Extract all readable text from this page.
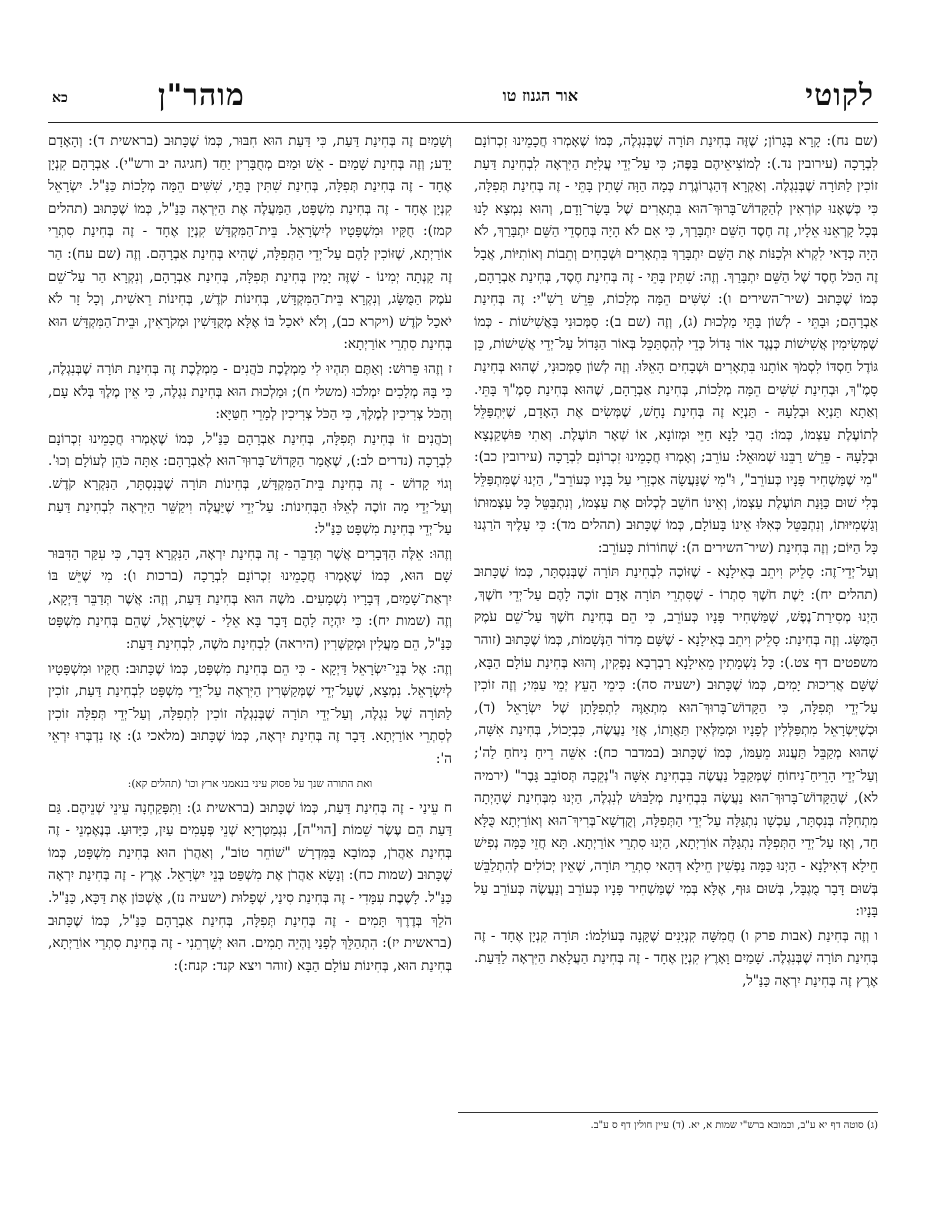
לקוטי
אור הגנוז טו
מוהר"ן
כא

(שם נח): קָרָא בְּגָרוֹן; שֶׁזֶּה בְּחִינַת תּוֹרָה שֶׁבְּנִגְלֶה, כְּמוֹ שֶׁאָמְרוּ חֲכָמֵינוּ זִכְרוֹנָם לִבְרָכָה (עירובין נד.): לְמוֹצִיאֵיהֶם בַּפֶּה; כִּי עַל־יְדֵי עֲלִיַּת הַיִּרְאָה לִבְחִינַת דַּעַת זוֹכִין לַתּוֹרָה שֶׁבְּנִגְלֶה. וְאַקְרָא דְּהַגְרוֹגֶרֶת כְּמָה הַוָּה שָׁתִין בָּתֵּי - זֶה בְּחִינַת תְּפִלָּה, כִּי כְּשֶׁאָנוּ קוֹרְאִין לְהַקָּדוֹשׁ־בָּרוּךְ־הוּא בִּתְאָרִים שֶׁל בָּשָׂר־וָדָם, וְהוּא נִמְצָא לָנוּ בְּכָל קָרְאֵנוּ אֵלָיו, זֶה חֶסֶד הַשֵּׁם יִתְבָּרַךְ, כִּי אִם לֹא הָיָה בְּחַסְדֵי הַשֵּׁם יִתְבָּרַךְ, לֹא הָיָה כְּדַאי לִקְרֹא וּלְכַנּוֹת אֶת הַשֵּׁם יִתְבָּרַךְ בִּתְאָרִים וּשְׁבָחִים וְתֵבוֹת וְאוֹתִיּוֹת, אֲבָל זֶה הַכֹּל חֶסֶד שֶׁל הַשֵּׁם יִתְבָּרַךְ. וְזֶה: שִׁתִּין בָּתֵּי - זֶה בְּחִינַת חֶסֶד, בְּחִינַת אַבְרָהָם, כְּמוֹ שֶׁכָּתוּב (שיר־השירים ו): שִׁשִּׁים הֵמָּה מְלָכוֹת, פֵּרֵשׁ רַשִׁ"י: זֶה בְּחִינַת אַבְרָהָם; וּבָתֵּי - לְשׁוֹן בָּתֵּי מַלְכוּת (ג), וְזֶה (שם ב): סַמְּכוּנִי בָּאֲשִׁישׁוֹת - כְּמוֹ שֶׁמְּשִׂימִין אֲשִׁישׁוֹת כְּנֶגֶד אוֹר גָּדוֹל כְּדֵי לְהִסְתַּכֵּל בְּאוֹר הַגָּדוֹל עַל־יְדֵי אֲשִׁישׁוֹת, כֵּן גּוֹדֶל חַסְדּוֹ לִסְמֹךְ אוֹתָנוּ בִּתְאָרִים וּשְׁבָחִים הָאֵלּוּ. וְזֶה לְשׁוֹן סַמְּכוּנִי, שֶׁהוּא בְּחִינַת סָמֶ"ךְ, וּבְחִינַת שִׁשִּׁים הֵמָּה מְלָכוֹת, בְּחִינַת אַבְרָהָם, שֶׁהוּא בְּחִינַת סָמֶ"ךְ בָּתֵּי. וְאַתָא תַּנְיָא וּבְלָעָהּ - תַּנְיָא זֶה בְּחִינַת נָחָשׁ, שֶׁמְּשִׂים אֶת הָאָדָם, שֶׁיִּתְפַּלֵּל לְתוֹעֶלֶת עַצְמוֹ, כְּמוֹ: הֲבִי לָנָא חַיֵּי וּמְזוֹנָא, אוֹ שְׁאָר תּוֹעֶלֶת. וְאַתִי פּוּשְׁקַנְצָא וּבְלָעָהּ - פֵּרֵשׁ רַבֵּנוּ שְׁמוּאֵל: עוֹרֵב; וְאָמְרוּ חֲכָמֵינוּ זִכְרוֹנָם לִבְרָכָה (עירובין כב): "מִי שֶׁמַּשְׁחִיר פָּנָיו כְּעוֹרֵב", וּ"מִי שֶׁנַּעֲשָׂה אַכְזָרִי עַל בָּנָיו כְּעוֹרֵב", הַיְנוּ שֶׁמִּתְפַּלֵּל בְּלִי שׁוּם כַּוָּנַת תּוֹעֶלֶת עַצְמוֹ, וְאֵינוֹ חוֹשֵׁב לְכְלוּם אֶת עַצְמוֹ, וְנִתְבַּטֵּל כָּל עַצְמוּתוֹ וְגַשְׁמִיּוּתוֹ, וְנִתְבַּטֵּל כְּאִלּוּ אֵינוֹ בָּעוֹלָם, כְּמוֹ שֶׁכָּתוּב (תהלים מד): כִּי עָלֶיךָ הֹרַגְנוּ כָּל הַיּוֹם; וְזֶה בְּחִינַת (שיר־השירים ה): שְׁחוֹרוֹת כָּעוֹרֵב:

וְעַל־יְדֵי־זֶה: סָלֵיק וִיתֵב בְּאִילָנָא - שֶׁזּוֹכֶה לִבְחִינַת תּוֹרָה שֶׁבְּנִסְתָּר, כְּמוֹ שֶׁכָּתוּב (תהלים יח): יָשֶׁת חֹשֶׁךְ סִתְרוֹ - שֶׁסִּתְרֵי תּוֹרָה אָדָם זוֹכֶה לָהֶם עַל־יְדֵי חֹשֶׁךְ, הַיְנוּ מְסִירַת־נֶפֶשׁ, שֶׁמַּשְׁחִיר פָּנָיו כְּעוֹרֵב, כִּי הֵם בְּחִינַת חֹשֶׁךְ עַל־שֵׁם עֹמֶק הַמֻּשָּׂג. וְזֶה בְּחִינַת: סָלֵיק וִיתֵב בְּאִילָנָא - שֶׁשָּׁם מָדוֹר הַנְּשָׁמוֹת, כְּמוֹ שֶׁכָּתוּב (זוהר משפטים דף צט.): כָּל נִשְׁמָתִין מֵאִילָנָא רַבְרְבָא נָפְקִין, וְהוּא בְּחִינַת עוֹלָם הַבָּא, שֶׁשָּׁם אֲרִיכוּת יָמִים, כְּמוֹ שֶׁכָּתוּב (ישעיה סה): כִּימֵי הָעֵץ יְמֵי עַמִּי; וְזֶה זוֹכִין עַל־יְדֵי תְּפִלָּה, כִּי הַקָּדוֹשׁ־בָּרוּךְ־הוּא מִתְאַוֶּה לִתְפִלָּתָן שֶׁל יִשְׂרָאֵל (ד), וּכְשֶׁיִּשְׂרָאֵל מִתְפַּלְּלִין לְפָנָיו וּמְמַלְּאִין תַּאֲוָתוֹ, אֲזַי נַעֲשֶׂה, כִּבְיָכוֹל, בְּחִינַת אִשָּׁה, שֶׁהוּא מְקַבֵּל תַּעֲנוּג מֵעַמּוֹ, כְּמוֹ שֶׁכָּתוּב (במדבר כח): אִשֵּׁה רֵיחַ נִיחֹחַ לַה'; וְעַל־יְדֵי הָרֵיחַ־נִיחוֹחַ שֶׁמְּקַבֵּל נַעֲשֶׂה בִּבְחִינַת אִשָּׁה וּ"נְקֵבָה תְּסוֹבֵב גָּבֶר" (ירמיה לא), שֶׁהַקָּדוֹשׁ־בָּרוּךְ־הוּא נַעֲשֶׂה בִּבְחִינַת מְלַבּוּשׁ לְנִגְלֶה, הַיְנוּ מִבְּחִינַת שֶׁהָיְתָה מִתְחִלָּה בְּנִסְתָּר, עַכְשָׁו נִתְגַּלָּה עַל־יְדֵי הַתְּפִלָּה, וְקֻדְשָׁא־בְּרִיךְ־הוּא וְאוֹרַיְתָא כֻּלָּא חַד, וְאָז עַל־יְדֵי הַתְּפִלָּה נִתְגַּלָּה אוֹרַיְתָא, הַיְנוּ סִתְרֵי אוֹרַיְתָא. תָּא חֲזֵי כַּמָּה נְפִישׁ חֵילָא דְּאִילָנָא - הַיְנוּ כַּמָּה נַפְשִׁין חֵילָא דְּהַאי סִתְרֵי תּוֹרָה, שֶׁאֵין יְכוֹלִים לְהִתְלַבֵּשׁ בְּשׁוּם דָּבָר מֻגְבָּל, בְּשׁוּם גּוּף, אֶלָּא בְּמִי שֶׁמַּשְׁחִיר פָּנָיו כְּעוֹרֵב וְנַעֲשֶׂה כְּעוֹרֵב עַל בָּנָיו:

ו וְזֶה בְּחִינַת (אבות פרק ו) חֲמִשָּׁה קִנְיָנִים שֶׁקָּנָה בְּעוֹלָמוֹ: תּוֹרָה קִנְיָן אֶחָד - זֶה בְּחִינַת תּוֹרָה שֶׁבְּנִגְלֶה. שָׁמַיִם וָאָרֶץ קִנְיָן אֶחָד - זֶה בְּחִינַת הַעֲלָאַת הַיִּרְאָה לַדַּעַת. אֶרֶץ זֶה בְּחִינַת יִרְאָה כַּנַּ"ל,

וְשָׁמַיִם זֶה בְּחִינַת דַּעַת, כִּי דַּעַת הוּא חִבּוּר, כְּמוֹ שֶׁכָּתוּב (בראשית ד): וְהָאָדָם יָדַע; וְזֶה בְּחִינַת שָׁמַיִם - אֵשׁ וּמַיִם מְחֻבָּרִין יַחַד (חגיגה יב ורש"י). אַבְרָהָם קִנְיָן אֶחָד - זֶה בְּחִינַת תְּפִלָּה, בְּחִינַת שִׁתִּין בָּתֵּי, שִׁשִּׁים הֵמָּה מְלָכוֹת כַּנַּ"ל. יִשְׂרָאֵל קִנְיָן אֶחָד - זֶה בְּחִינַת מִשְׁפָּט, הַמַּעֲלֶה אֶת הַיִּרְאָה כַּנַּ"ל, כְּמוֹ שֶׁכָּתוּב (תהלים קמז): חֻקָּיו וּמִשְׁפָּטָיו לְיִשְׂרָאֵל. בֵּית־הַמִּקְדָּשׁ קִנְיָן אֶחָד - זֶה בְּחִינַת סִתְרֵי אוֹרַיְתָא, שֶׁזּוֹכִין לָהֶם עַל־יְדֵי הַתְּפִלָּה, שֶׁהִיא בְּחִינַת אַבְרָהָם. וְזֶה (שם עח): הַר זֶה קָנְתָה יְמִינוֹ - שֶׁזֶּה יָמִין בְּחִינַת תְּפִלָּה, בְּחִינַת אַבְרָהָם, וְנִקְרָא הַר עַל־שֵׁם עֹמֶק הַמֻּשָּׂג, וְנִקְרָא בֵּית־הַמִּקְדָּשׁ, בְּחִינוֹת קֹדֶשׁ, בְּחִינוֹת רֵאשִׁית, וְכָל זָר לֹא יֹאכַל קֹדֶשׁ (ויקרא כב), וְלֹא יֹאכַל בּוֹ אֶלָּא מְקֻדָּשִׁין וּמְקֹרָאִין, וּבֵית־הַמִּקְדָּשׁ הוּא בְּחִינַת סִתְרֵי אוֹרַיְתָא:

ז וְזֶהוּ פֵּרוּשׁ: וְאַתֶּם תִּהְיוּ לִי מַמְלֶכֶת כֹּהֲנִים - מַמְלֶכֶת זֶה בְּחִינַת תּוֹרָה שֶׁבְּנִגְלֶה, כִּי בָּהּ מְלָכִים יִמְלֹכוּ (משלי ח); וּמַלְכוּת הוּא בְּחִינַת נִגְלֶה, כִּי אֵין מֶלֶךְ בְּלֹא עָם, וְהַכֹּל צְרִיכִין לְמֶלֶךְ, כִּי הַכֹּל צְרִיכִין לְמָרֵי חִטַּיָּא:

וְכֹהֲנִים זוֹ בְּחִינַת תְּפִלָּה, בְּחִינַת אַבְרָהָם כַּנַּ"ל, כְּמוֹ שֶׁאָמְרוּ חֲכָמֵינוּ זִכְרוֹנָם לִבְרָכָה (נדרים לב:), שֶׁאָמַר הַקָּדוֹשׁ־בָּרוּךְ־הוּא לְאַבְרָהָם: אַתָּה כֹּהֵן לְעוֹלָם וְכוּ'. וְגוֹי קָדוֹשׁ - זֶה בְּחִינַת בֵּית־הַמִּקְדָּשׁ, בְּחִינוֹת תּוֹרָה שֶׁבְּנִסְתָּר, הַנִּקְרָא קֹדֶשׁ. וְעַל־יְדֵי מָה זוֹכֶה לְאֵלּוּ הַבְּחִינוֹת: עַל־יְדֵי שֶׁיַּעֲלֶה וִיקַשֵּׁר הַיִּרְאָה לִבְחִינַת דַּעַת עַל־יְדֵי בְּחִינַת מִשְׁפָּט כַּנַּ"ל:

וְזֶהוּ: אֵלֶּה הַדְּבָרִים אֲשֶׁר תְּדַבֵּר - זֶה בְּחִינַת יִרְאָה, הַנִּקְרָא דָּבָר, כִּי עִקַּר הַדִּבּוּר שָׁם הוּא, כְּמוֹ שֶׁאָמְרוּ חֲכָמֵינוּ זִכְרוֹנָם לִבְרָכָה (ברכות ו): מִי שֶׁיֵּשׁ בּוֹ יִרְאַת־שָׁמַיִם, דְּבָרָיו נִשְׁמָעִים. מֹשֶׁה הוּא בְּחִינַת דַּעַת, וְזֶה: אֲשֶׁר תְּדַבֵּר דַּיְקָא, וְזֶה (שמות יח): כִּי יִהְיֶה לָהֶם דָּבָר בָּא אֵלַי - שֶׁיִּשְׂרָאֵל, שֶׁהֵם בְּחִינַת מִשְׁפָּט כַּנַּ"ל, הֵם מַעֲלִין וּמְקַשְּׁרִין (היראה) לִבְחִינַת מֹשֶׁה, לִבְחִינַת דַּעַת:

וְזֶה: אֶל בְּנֵי־יִשְׂרָאֵל דַּיְקָא - כִּי הֵם בְּחִינַת מִשְׁפָּט, כְּמוֹ שֶׁכָּתוּב: חֻקָּיו וּמִשְׁפָּטָיו לְיִשְׂרָאֵל. נִמְצָא, שֶׁעַל־יְדֵי שֶׁמְּקַשְּׁרִין הַיִּרְאָה עַל־יְדֵי מִשְׁפָּט לִבְחִינַת דַּעַת, זוֹכִין לַתּוֹרָה שֶׁל נִגְלֶה, וְעַל־יְדֵי תּוֹרָה שֶׁבְּנִגְלֶה זוֹכִין לִתְפִלָּה, וְעַל־יְדֵי תְּפִלָּה זוֹכִין לְסִתְרֵי אוֹרַיְתָא. דָּבָר זֶה בְּחִינַת יִרְאָה, כְּמוֹ שֶׁכָּתוּב (מלאכי ג): אָז נִדְבְּרוּ יִרְאֵי ה':

ואת התורה שנך על פסוק עיני בנאמני ארץ וכו' (תהלים קא):

ח עֵינַי - זֶה בְּחִינַת דַּעַת, כְּמוֹ שֶׁכָּתוּב (בראשית ג): וַתִּפָּקַחְנָה עֵינֵי שְׁנֵיהֶם. גַּם דַּעַת הֵם עֶשֶׂר שֵׁמוֹת [הוי"ה], נִגְמַטְרְיָא שְׁנֵי פְּעָמִים עַיִן, כַּיָּדוּעַ. בְּנֶאֶמְנֵי - זֶה בְּחִינַת אַהֲרֹן, כְּמוֹבָא בַּמִּדְרָשׁ "שׁוֹחֵר טוֹב", וְאַהֲרֹן הוּא בְּחִינַת מִשְׁפָּט, כְּמוֹ שֶׁכָּתוּב (שמות כח): וְנָשָׂא אַהֲרֹן אֶת מִשְׁפַּט בְּנֵי יִשְׂרָאֵל. אֶרֶץ - זֶה בְּחִינַת יִרְאָה כַּנַּ"ל. לָשֶׁבֶת עִמָּדִי - זֶה בְּחִינַת סִינַי, שְׁפָלוּת (ישעיה נז), אֶשְׁכּוֹן אֶת דַּכָּא, כַּנַּ"ל. הֹלֵךְ בְּדֶרֶךְ תָּמִים - זֶה בְּחִינַת תְּפִלָּה, בְּחִינַת אַבְרָהָם כַּנַּ"ל, כְּמוֹ שֶׁכָּתוּב (בראשית יז): הִתְהַלֵּךְ לְפָנַי וֶהְיֵה תָמִים. הוּא יְשָׁרְתֵנִי - זֶה בְּחִינַת סִתְרֵי אוֹרַיְתָא, בְּחִינַת הוּא, בְּחִינוֹת עוֹלָם הַבָּא (זוהר ויצא קנד: קנח:):

(ג) סוטה דף יא ע"ב, וכמובא ברש"י שמות א, יא. (ד) עיין חולין דף ס ע"ב.
